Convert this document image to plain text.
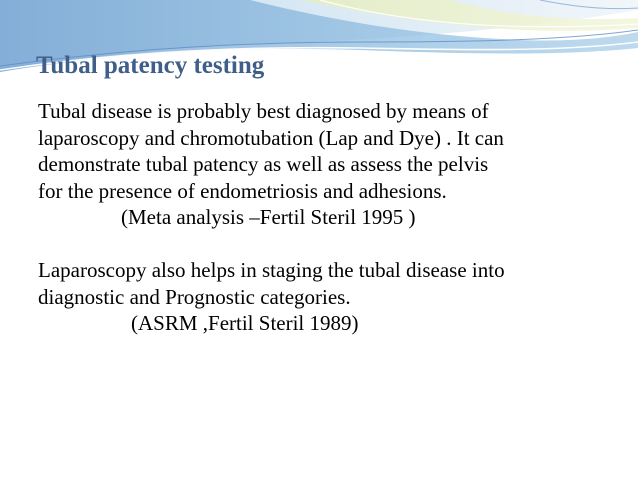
Tubal patency testing
Tubal disease is probably best diagnosed by means of
laparoscopy and chromotubation (Lap and Dye) . It can
demonstrate tubal patency as well as assess the pelvis
for the presence of endometriosis and adhesions.
(Meta analysis –Fertil Steril 1995 )
Laparoscopy also helps in staging the tubal disease into
diagnostic and Prognostic categories.
(ASRM ,Fertil Steril 1989)
